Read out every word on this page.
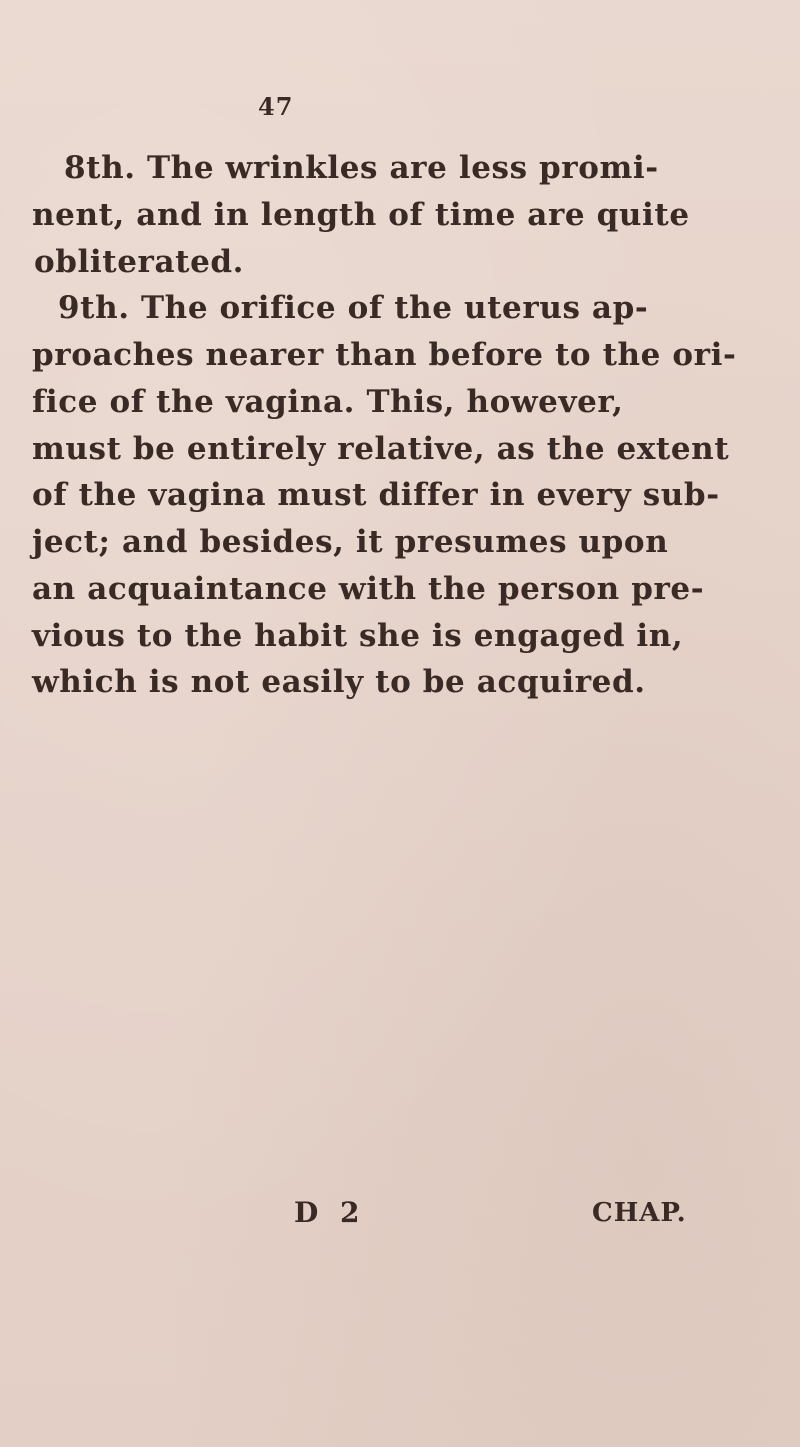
47
8th. The wrinkles are less promi-
nent, and in length of time are quite
obliterated.
9th. The orifice of the uterus ap-
proaches nearer than before to the ori-
fice of the vagina. This, however,
must be entirely relative, as the extent
of the vagina must differ in every sub-
ject; and besides, it presumes upon
an acquaintance with the person pre-
vious to the habit she is engaged in,
which is not easily to be acquired.
D 2	CHAP.
